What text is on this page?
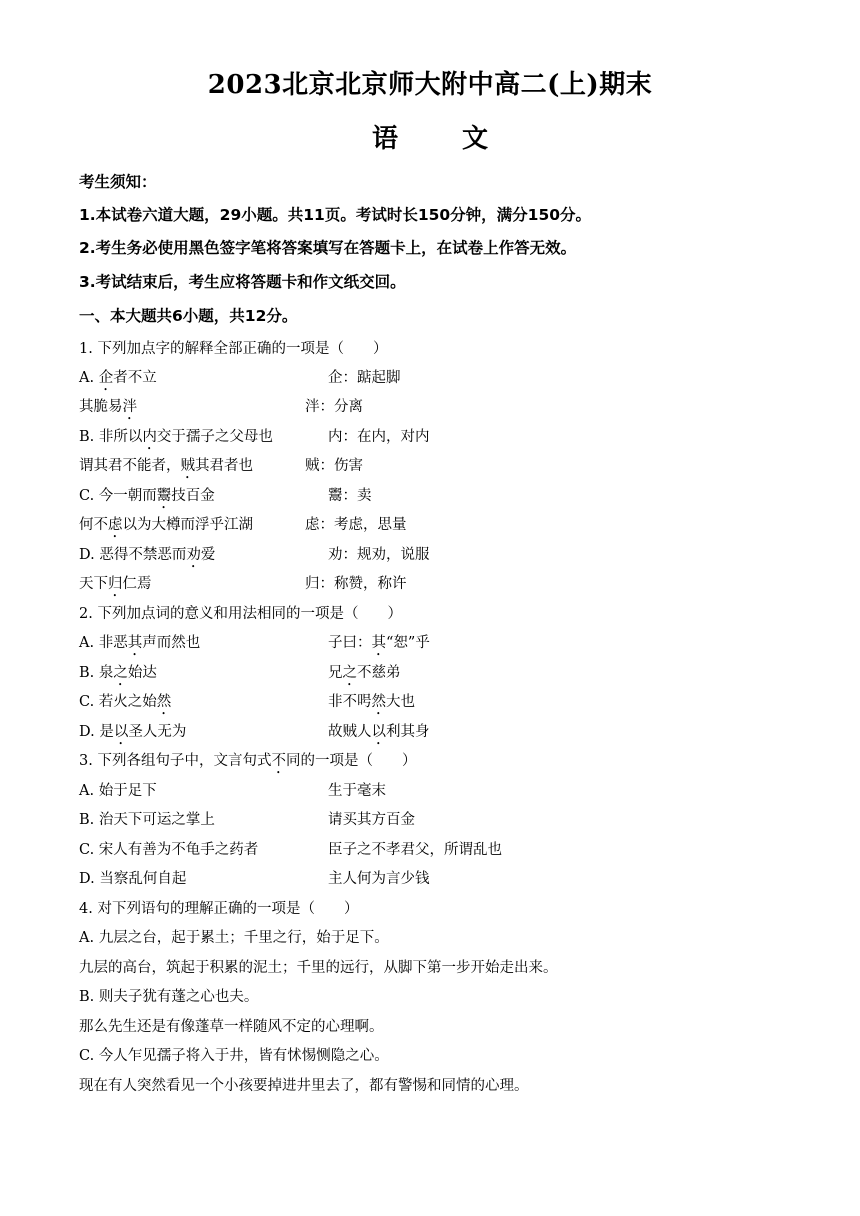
2023北京北京师大附中高二(上)期末
语 文
考生须知：
1.本试卷六道大题，29小题。共11页。考试时长150分钟，满分150分。
2.考生务必使用黑色签字笔将答案填写在答题卡上，在试卷上作答无效。
3.考试结束后，考生应将答题卡和作文纸交回。
一、本大题共6小题，共12分。
1. 下列加点字的解释全部正确的一项是（　　）
A. 企者不立	企：踮起脚
其脆易泮	泮：分离
B. 非所以内交于孺子之父母也	内：在内，对内
谓其君不能者，贼其君者也	贼：伤害
C. 今一朝而鬻技百金	鬻：卖
何不虑以为大樽而浮乎江湖	虑：考虑，思量
D. 恶得不禁恶而劝爱	劝：规劝，说服
天下归仁焉	归：称赞，称许
2. 下列加点词的意义和用法相同的一项是（　　）
A. 非恶其声而然也	子曰：其“恕”乎
B. 泉之始达	兄之不慈弟
C. 若火之始然	非不呺然大也
D. 是以圣人无为	故贼人以利其身
3. 下列各组句子中，文言句式不同的一项是（　　）
A. 始于足下	生于毫末
B. 治天下可运之掌上	请买其方百金
C. 宋人有善为不龟手之药者	臣子之不孝君父，所谓乱也
D. 当察乱何自起	主人何为言少钱
4. 对下列语句的理解正确的一项是（　　）
A. 九层之台，起于累土；千里之行，始于足下。
九层的高台，筑起于积累的泥土；千里的远行，从脚下第一步开始走出来。
B. 则夫子犹有蓬之心也夫。
那么先生还是有像蓬草一样随风不定的心理啊。
C. 今人乍见孺子将入于井，皆有怵惕恻隐之心。
现在有人突然看见一个小孩要掉进井里去了，都有警惕和同情的心理。
